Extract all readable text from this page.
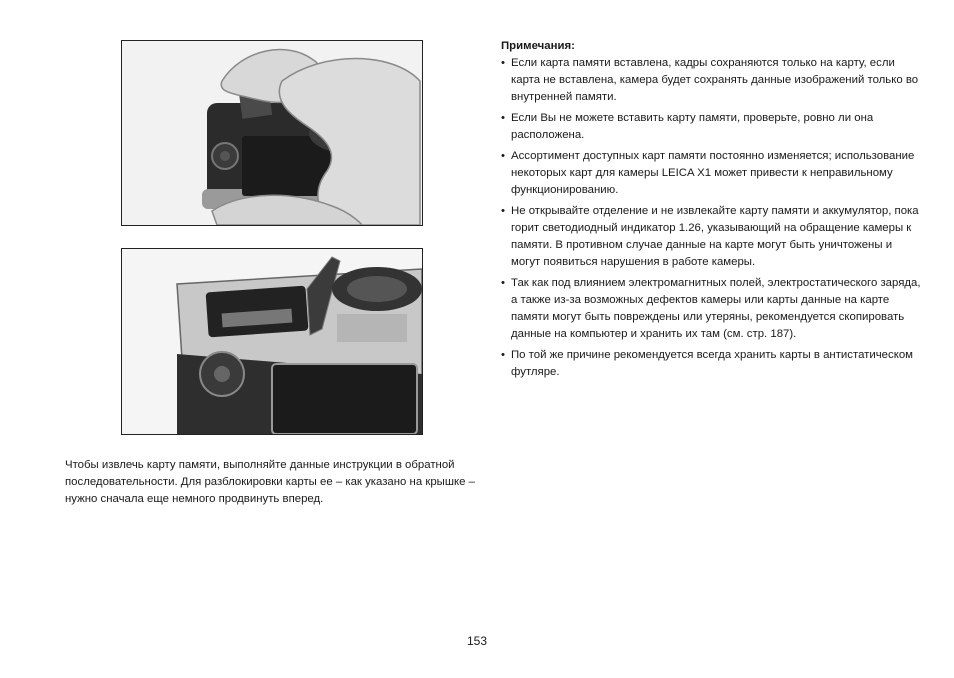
Чтобы извлечь карту памяти, выполняйте данные инструкции в обратной последовательности. Для разблокировки карты ее – как указано на крышке – нужно сначала еще немного продвинуть вперед.

Примечания:

• Если карта памяти вставлена, кадры сохраняются только на карту, если карта не вставлена, камера будет сохранять данные изображений только во внутренней памяти.
• Если Вы не можете вставить карту памяти, проверьте, ровно ли она расположена.
• Ассортимент доступных карт памяти постоянно изменяется; использование некоторых карт для камеры LEICA X1 может привести к неправильному функционированию.
• Не открывайте отделение и не извлекайте карту памяти и аккумулятор, пока горит светодиодный индикатор 1.26, указывающий на обращение камеры к памяти. В противном случае данные на карте могут быть уничтожены и могут появиться нарушения в работе камеры.
• Так как под влиянием электромагнитных полей, электростатического заряда, а также из-за возможных дефектов камеры или карты данные на карте памяти могут быть повреждены или утеряны, рекомендуется скопировать данные на компьютер и хранить их там (см. стр. 187).
• По той же причине рекомендуется всегда хранить карты в антистатическом футляре.
153
